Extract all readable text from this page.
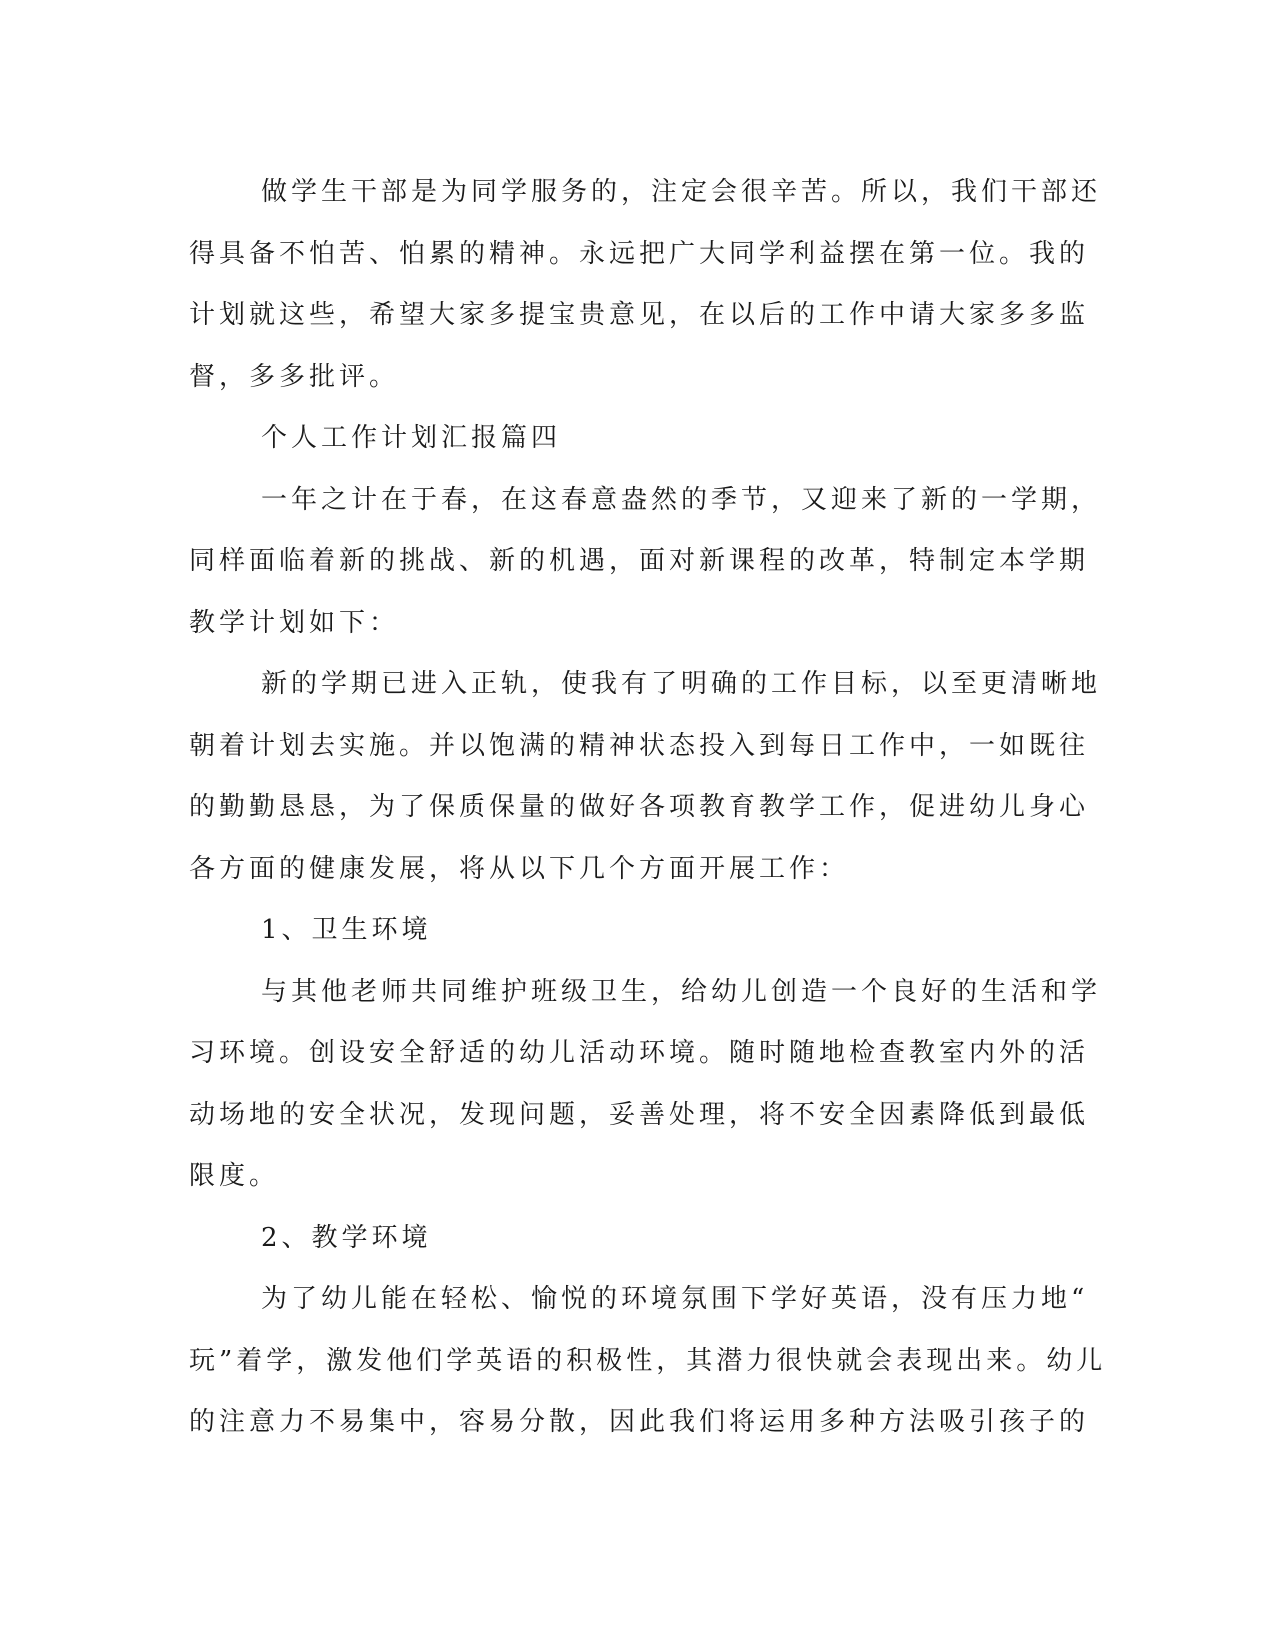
做学生干部是为同学服务的，注定会很辛苦。所以，我们干部还
得具备不怕苦、怕累的精神。永远把广大同学利益摆在第一位。我的
计划就这些，希望大家多提宝贵意见，在以后的工作中请大家多多监
督，多多批评。

个人工作计划汇报篇四

一年之计在于春，在这春意盎然的季节，又迎来了新的一学期，
同样面临着新的挑战、新的机遇，面对新课程的改革，特制定本学期
教学计划如下：

新的学期已进入正轨，使我有了明确的工作目标，以至更清晰地
朝着计划去实施。并以饱满的精神状态投入到每日工作中，一如既往
的勤勤恳恳，为了保质保量的做好各项教育教学工作，促进幼儿身心
各方面的健康发展，将从以下几个方面开展工作：

1、卫生环境

与其他老师共同维护班级卫生，给幼儿创造一个良好的生活和学
习环境。创设安全舒适的幼儿活动环境。随时随地检查教室内外的活
动场地的安全状况，发现问题，妥善处理，将不安全因素降低到最低
限度。

2、教学环境

为了幼儿能在轻松、愉悦的环境氛围下学好英语，没有压力地“
玩”着学，激发他们学英语的积极性，其潜力很快就会表现出来。幼儿
的注意力不易集中，容易分散，因此我们将运用多种方法吸引孩子的
